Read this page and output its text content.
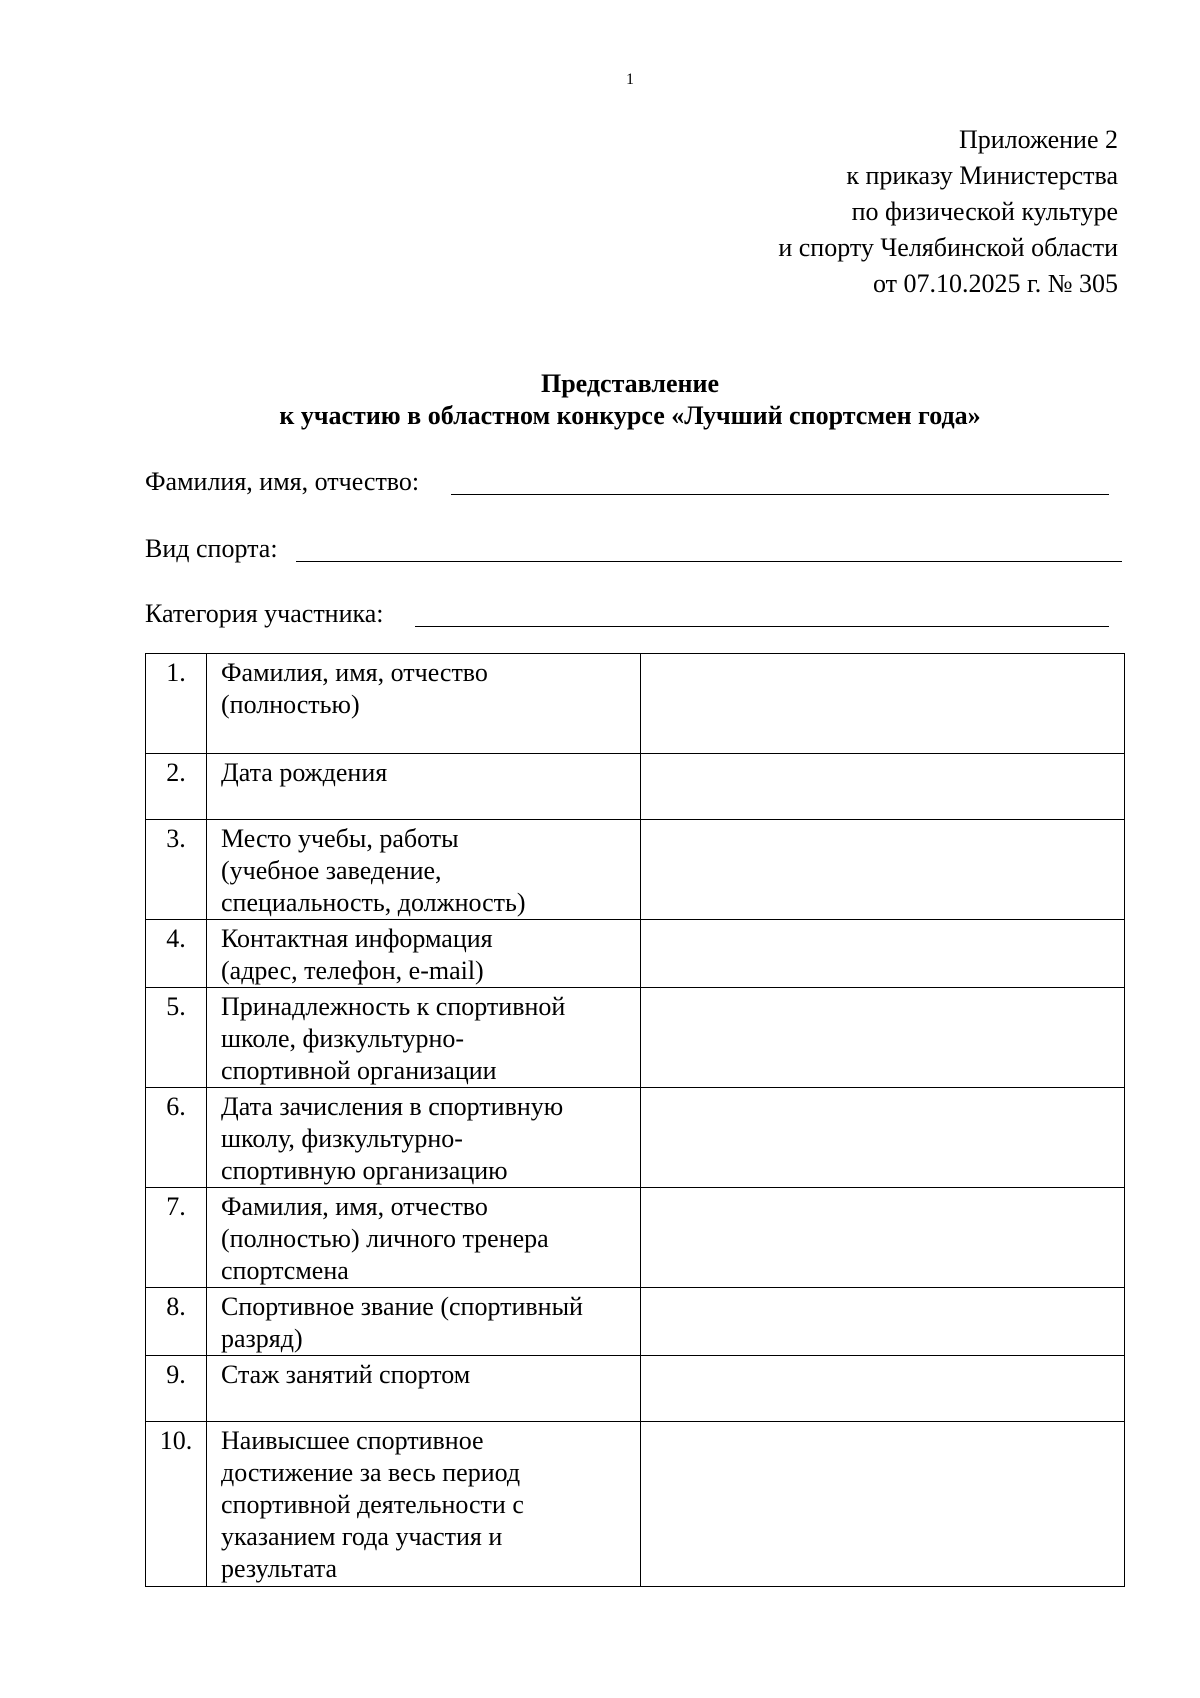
1
Приложение 2
к приказу Министерства
по физической культуре
и спорту Челябинской области
от 07.10.2025 г. № 305
Представление
к участию в областном конкурсе «Лучший спортсмен года»
Фамилия, имя, отчество:
Вид спорта:
Категория участника:
1.	Фамилия, имя, отчество
(полностью)	
2.	Дата рождения	
3.	Место учебы, работы
(учебное заведение,
специальность, должность)	
4.	Контактная информация
(адрес, телефон, e-mail)	
5.	Принадлежность к спортивной
школе, физкультурно-
спортивной организации	
6.	Дата зачисления в спортивную
школу, физкультурно-
спортивную организацию	
7.	Фамилия, имя, отчество
(полностью) личного тренера
спортсмена	
8.	Спортивное звание (спортивный
разряд)	
9.	Стаж занятий спортом	
10.	Наивысшее спортивное
достижение за весь период
спортивной деятельности с
указанием года участия и
результата	
